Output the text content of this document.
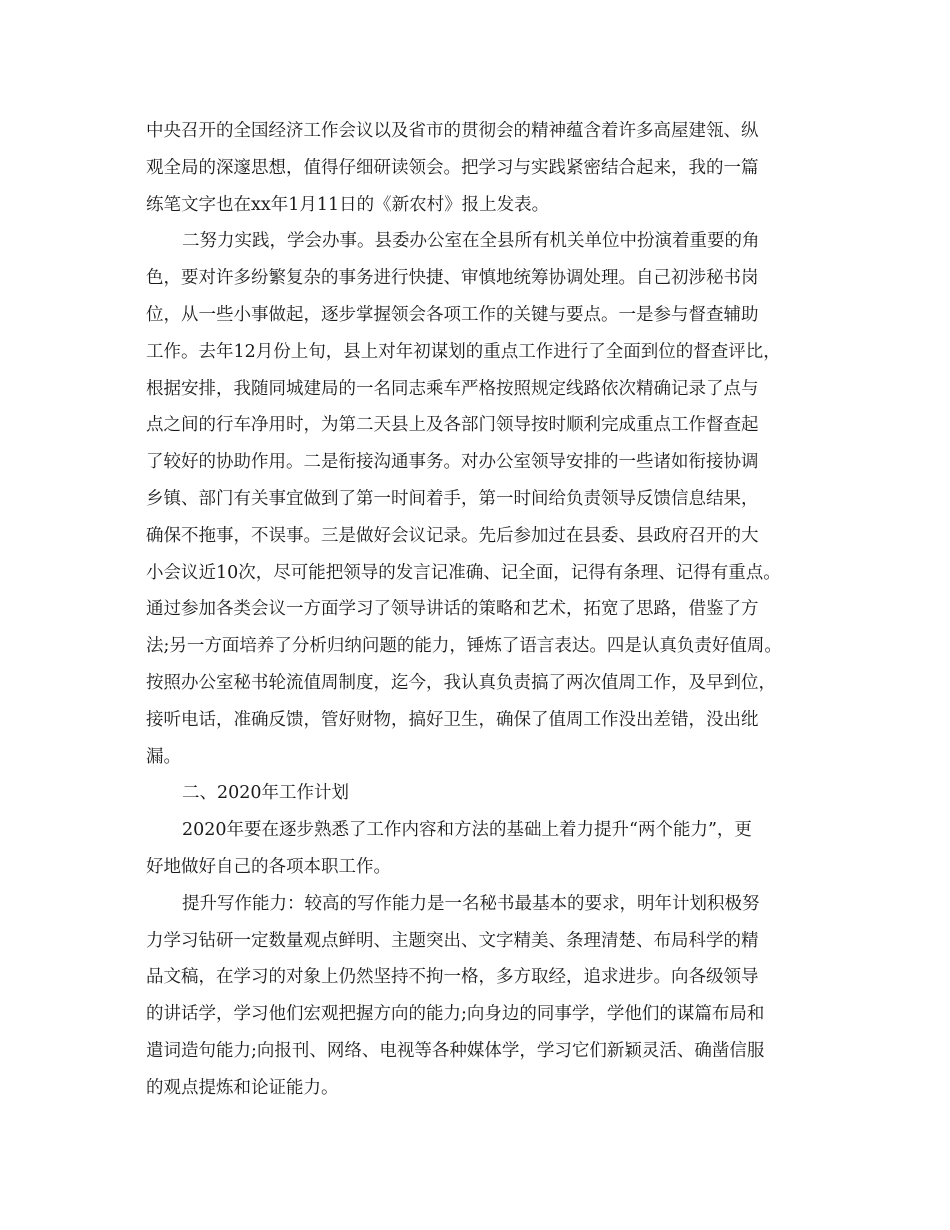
中央召开的全国经济工作会议以及省市的贯彻会的精神蕴含着许多高屋建瓴、纵
观全局的深邃思想，值得仔细研读领会。把学习与实践紧密结合起来，我的一篇
练笔文字也在xx年1月11日的《新农村》报上发表。
二努力实践，学会办事。县委办公室在全县所有机关单位中扮演着重要的角
色，要对许多纷繁复杂的事务进行快捷、审慎地统筹协调处理。自己初涉秘书岗
位，从一些小事做起，逐步掌握领会各项工作的关键与要点。一是参与督查辅助
工作。去年12月份上旬，县上对年初谋划的重点工作进行了全面到位的督查评比，
根据安排，我随同城建局的一名同志乘车严格按照规定线路依次精确记录了点与
点之间的行车净用时，为第二天县上及各部门领导按时顺利完成重点工作督查起
了较好的协助作用。二是衔接沟通事务。对办公室领导安排的一些诸如衔接协调
乡镇、部门有关事宜做到了第一时间着手，第一时间给负责领导反馈信息结果，
确保不拖事，不误事。三是做好会议记录。先后参加过在县委、县政府召开的大
小会议近10次，尽可能把领导的发言记准确、记全面，记得有条理、记得有重点。
通过参加各类会议一方面学习了领导讲话的策略和艺术，拓宽了思路，借鉴了方
法;另一方面培养了分析归纳问题的能力，锤炼了语言表达。四是认真负责好值周。
按照办公室秘书轮流值周制度，迄今，我认真负责搞了两次值周工作，及早到位，
接听电话，准确反馈，管好财物，搞好卫生，确保了值周工作没出差错，没出纰
漏。
二、2020年工作计划
2020年要在逐步熟悉了工作内容和方法的基础上着力提升“两个能力”，更
好地做好自己的各项本职工作。
提升写作能力：较高的写作能力是一名秘书最基本的要求，明年计划积极努
力学习钻研一定数量观点鲜明、主题突出、文字精美、条理清楚、布局科学的精
品文稿，在学习的对象上仍然坚持不拘一格，多方取经，追求进步。向各级领导
的讲话学，学习他们宏观把握方向的能力;向身边的同事学，学他们的谋篇布局和
遣词造句能力;向报刊、网络、电视等各种媒体学，学习它们新颖灵活、确凿信服
的观点提炼和论证能力。
